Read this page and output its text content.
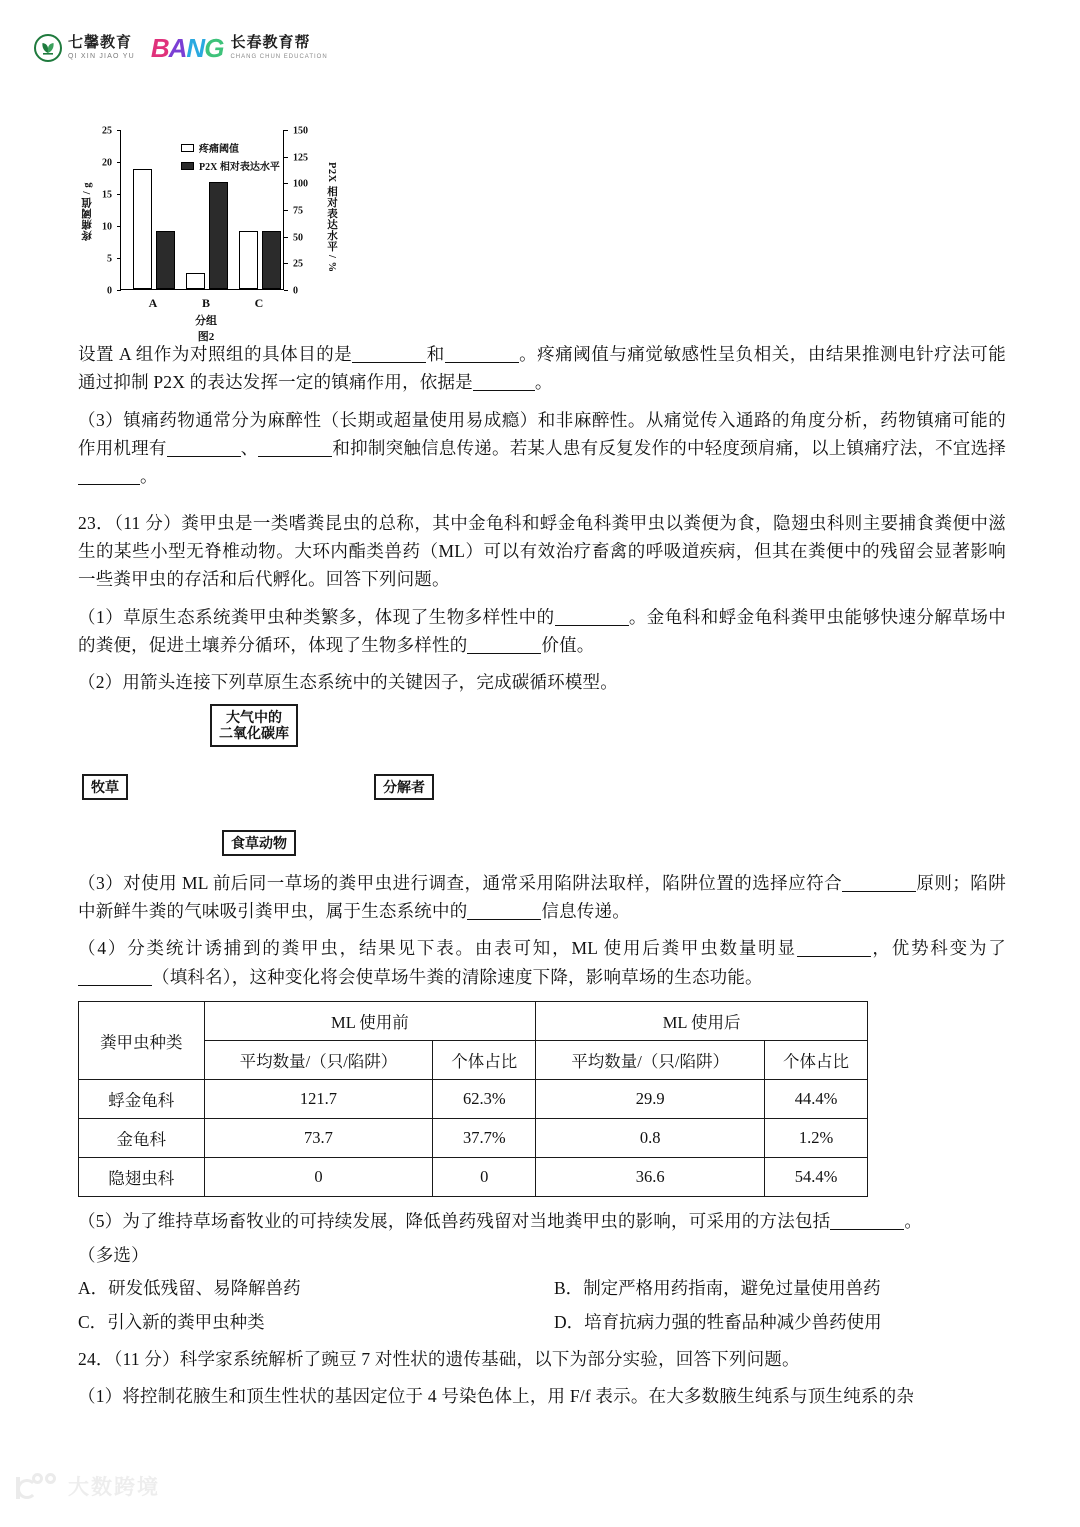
七馨教育
QI XIN JIAO YU BANG 长春教育帮
CHANG CHUN EDUCATION
疼痛阈值 / g	P2X 相对表达水平 / %
25
20
15
10
5
0
疼痛阈值
P2X 相对表达水平
150
125
100
75
50
25
0
A	B	C
分组
图2

设置 A 组作为对照组的具体目的是	和	。疼痛阈值与痛觉敏感性呈负相关，由结果推测电针疗法可能通过抑制 P2X 的表达发挥一定的镇痛作用，依据是	。

（3）镇痛药物通常分为麻醉性（长期或超量使用易成瘾）和非麻醉性。从痛觉传入通路的角度分析，药物镇痛可能的作用机理有	、	和抑制突触信息传递。若某人患有反复发作的中轻度颈肩痛，以上镇痛疗法，不宜选择。

23．（11 分）粪甲虫是一类嗜粪昆虫的总称，其中金龟科和蜉金龟科粪甲虫以粪便为食，隐翅虫科则主要捕食粪便中滋生的某些小型无脊椎动物。大环内酯类兽药（ML）可以有效治疗畜禽的呼吸道疾病，但其在粪便中的残留会显著影响一些粪甲虫的存活和后代孵化。回答下列问题。

（1）草原生态系统粪甲虫种类繁多，体现了生物多样性中的	。金龟科和蜉金龟科粪甲虫能够快速分解草场中的粪便，促进土壤养分循环，体现了生物多样性的	价值。

（2）用箭头连接下列草原生态系统中的关键因子，完成碳循环模型。

大气中的
二氧化碳库
牧草	分解者
食草动物

（3）对使用 ML 前后同一草场的粪甲虫进行调查，通常采用陷阱法取样，陷阱位置的选择应符合	原则；陷阱中新鲜牛粪的气味吸引粪甲虫，属于生态系统中的	信息传递。

（4）分类统计诱捕到的粪甲虫，结果见下表。由表可知，ML 使用后粪甲虫数量明显	，优势科变为了（填科名），这种变化将会使草场牛粪的清除速度下降，影响草场的生态功能。

粪甲虫种类	ML 使用前		ML 使用后	
	平均数量/（只/陷阱）	个体占比	平均数量/（只/陷阱）	个体占比
蜉金龟科	121.7	62.3%	29.9	44.4%
金龟科	73.7	37.7%	0.8	1.2%
隐翅虫科	0	0	36.6	54.4%

（5）为了维持草场畜牧业的可持续发展，降低兽药残留对当地粪甲虫的影响，可采用的方法包括	。

（多选）

A．研发低残留、易降解兽药	B．制定严格用药指南，避免过量使用兽药
C．引入新的粪甲虫种类	D．培育抗病力强的牲畜品种减少兽药使用

24．（11 分）科学家系统解析了豌豆 7 对性状的遗传基础，以下为部分实验，回答下列问题。

（1）将控制花腋生和顶生性状的基因定位于 4 号染色体上，用 F/f 表示。在大多数腋生纯系与顶生纯系的杂

大数跨境
